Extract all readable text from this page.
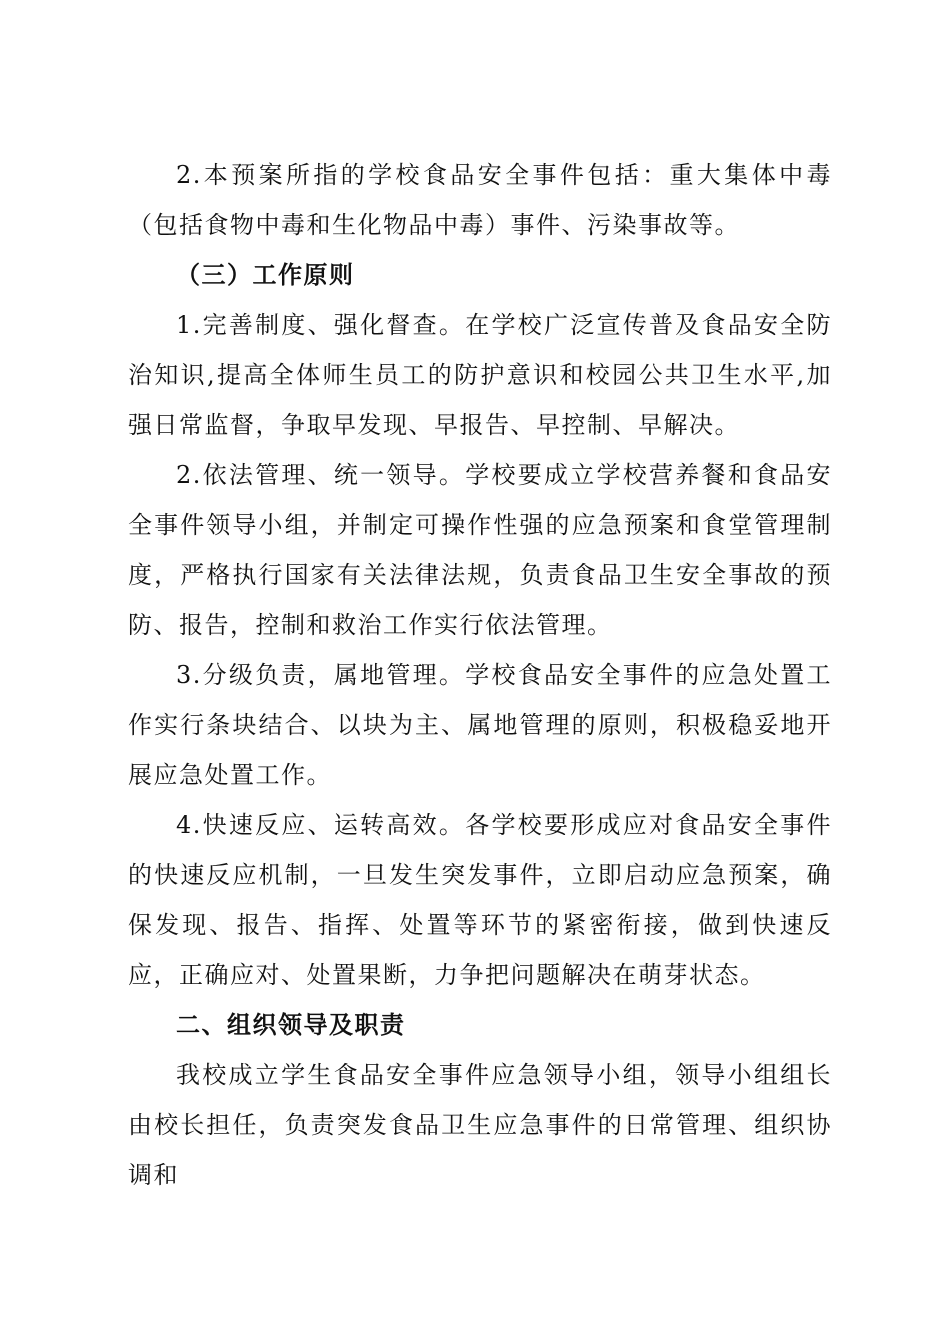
2.本预案所指的学校食品安全事件包括：重大集体中毒（包括食物中毒和生化物品中毒）事件、污染事故等。

（三）工作原则

1.完善制度、强化督查。在学校广泛宣传普及食品安全防治知识,提高全体师生员工的防护意识和校园公共卫生水平,加强日常监督，争取早发现、早报告、早控制、早解决。

2.依法管理、统一领导。学校要成立学校营养餐和食品安全事件领导小组，并制定可操作性强的应急预案和食堂管理制度，严格执行国家有关法律法规，负责食品卫生安全事故的预防、报告，控制和救治工作实行依法管理。

3.分级负责，属地管理。学校食品安全事件的应急处置工作实行条块结合、以块为主、属地管理的原则，积极稳妥地开展应急处置工作。

4.快速反应、运转高效。各学校要形成应对食品安全事件的快速反应机制，一旦发生突发事件，立即启动应急预案，确保发现、报告、指挥、处置等环节的紧密衔接，做到快速反应，正确应对、处置果断，力争把问题解决在萌芽状态。

二、组织领导及职责

我校成立学生食品安全事件应急领导小组，领导小组组长由校长担任，负责突发食品卫生应急事件的日常管理、组织协调和
